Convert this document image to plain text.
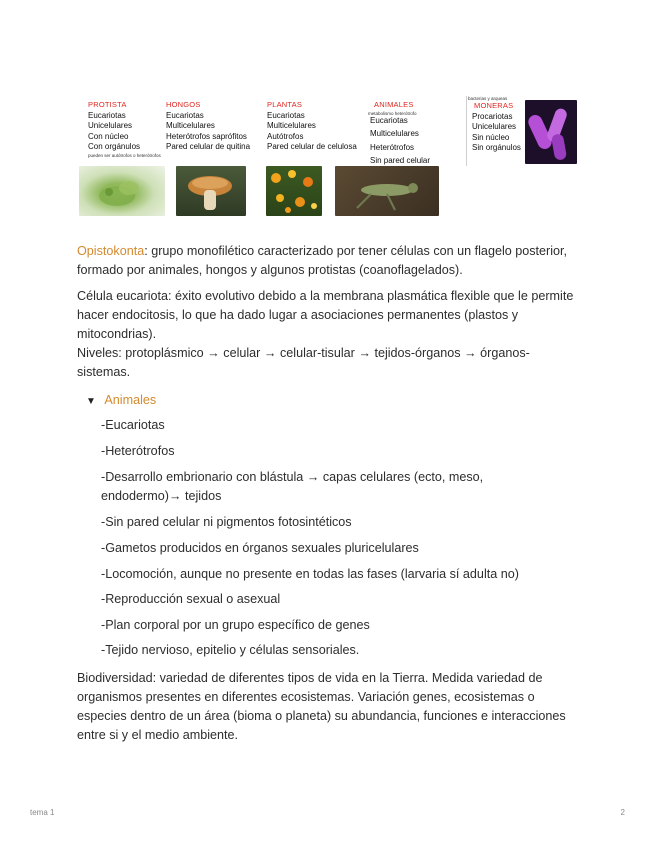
PROTISTA
Eucariotas
Unicelulares
Con núcleo
Con orgánulos
pueden ser autótrofos o heterótrofos
HONGOS
Eucariotas
Multicelulares
Heterótrofos saprófitos
Pared celular de quitina
PLANTAS
Eucariotas
Multicelulares
Autótrofos
Pared celular de celulosa
ANIMALES
metabolismo heterótrofo
Eucariotas
Multicelulares
Heterótrofos
Sin pared celular
bacterias y arqueas
MONERAS
Procariotas
Unicelulares
Sin núcleo
Sin orgánulos
Opistokonta: grupo monofilético caracterizado por tener células con un flagelo posterior, formado por animales, hongos y algunos protistas (coanoflagelados).
Célula eucariota: éxito evolutivo debido a la membrana plasmática flexible que le permite hacer endocitosis, lo que ha dado lugar a asociaciones permanentes (plastos y mitocondrias).
Niveles: protoplásmico → celular → celular-tisular → tejidos-órganos → órganos-sistemas.
▼ Animales
-Eucariotas
-Heterótrofos
-Desarrollo embrionario con blástula → capas celulares (ecto, meso, endodermo)→ tejidos
-Sin pared celular ni pigmentos fotosintéticos
-Gametos producidos en órganos sexuales pluricelulares
-Locomoción, aunque no presente en todas las fases (larvaria sí adulta no)
-Reproducción sexual o asexual
-Plan corporal por un grupo específico de genes
-Tejido nervioso, epitelio y células sensoriales.
Biodiversidad: variedad de diferentes tipos de vida en la Tierra. Medida variedad de organismos presentes en diferentes ecosistemas. Variación genes, ecosistemas o especies dentro de un área (bioma o planeta) su abundancia, funciones e interacciones entre si y el medio ambiente.
tema 1	2
